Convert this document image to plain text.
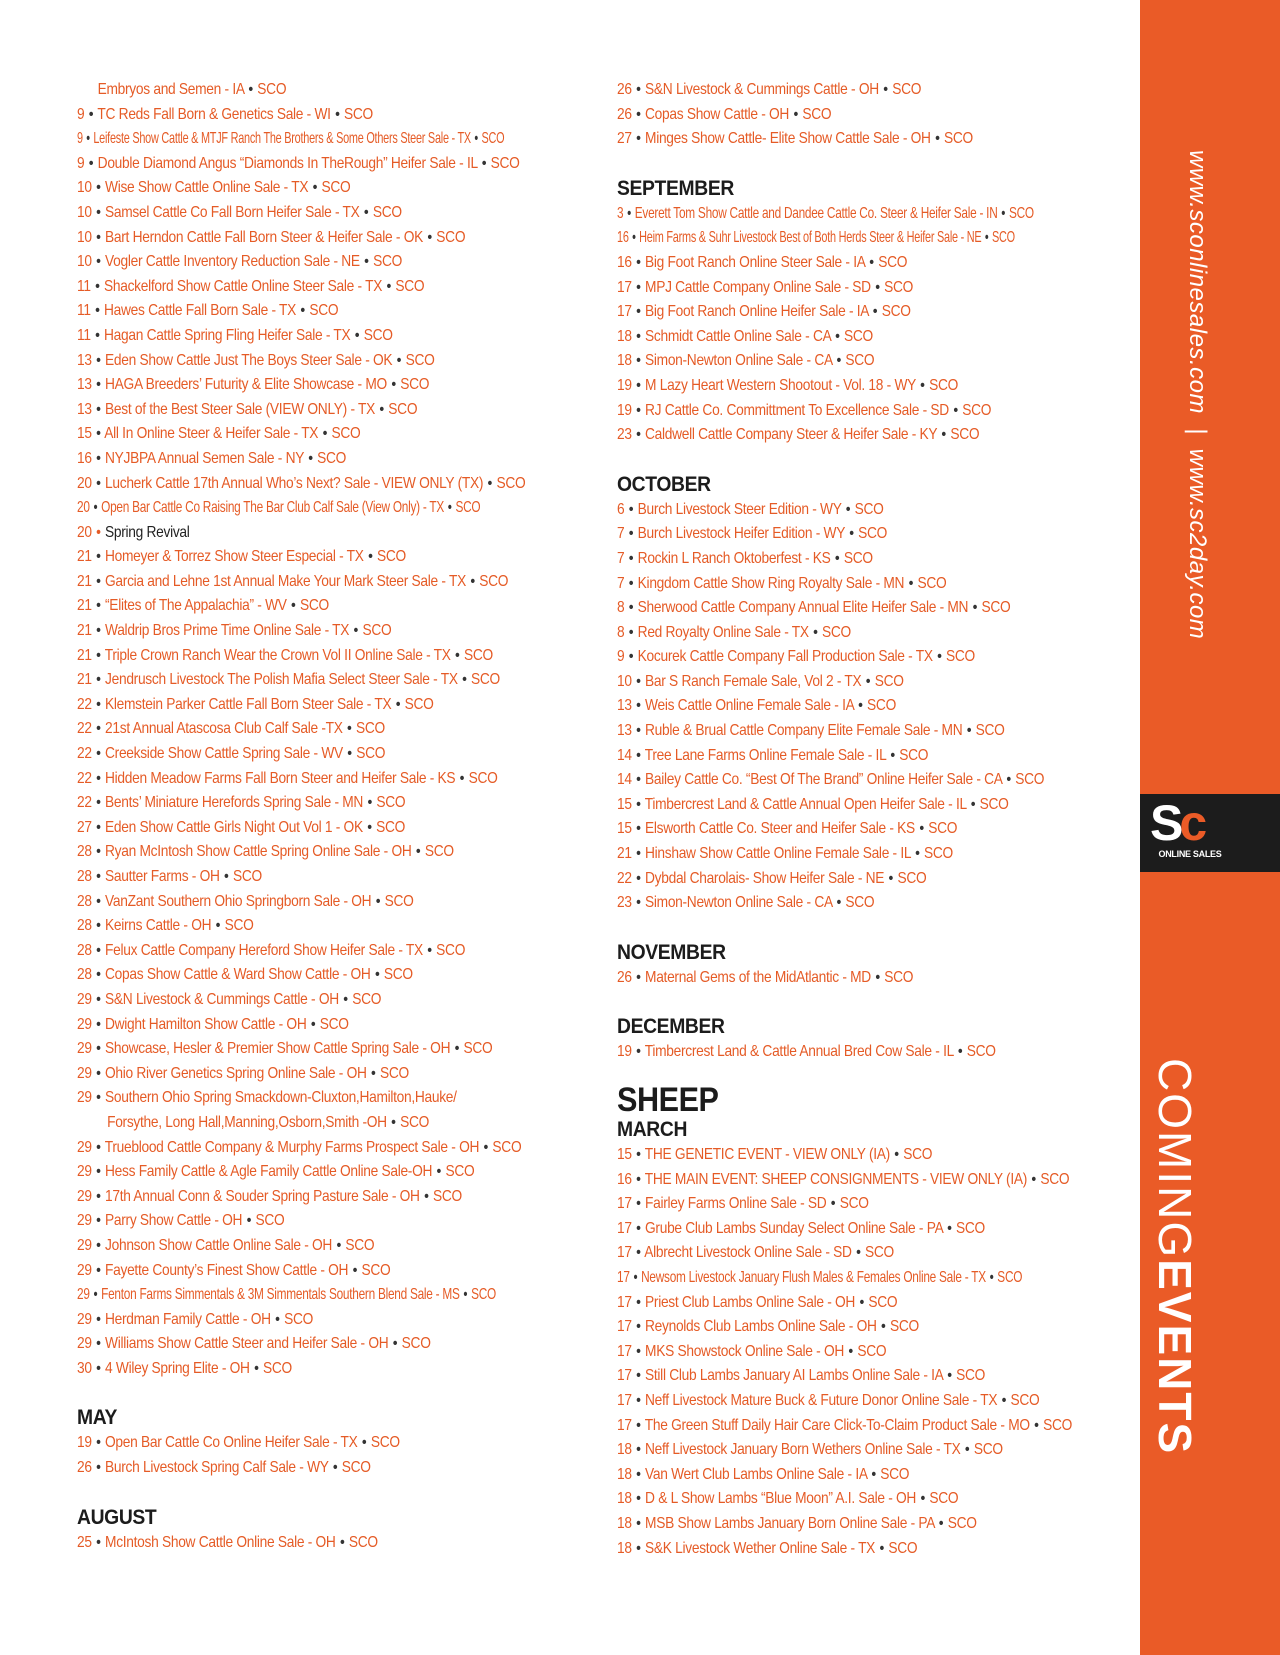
www.sconlinesales.com|www.sc2day.com
Sc
ONLINE SALES
COMINGEVENTS
Embryos and Semen - IA • SCO
9 • TC Reds Fall Born & Genetics Sale - WI • SCO
9 • Leifeste Show Cattle & MTJF Ranch The Brothers & Some Others Steer Sale - TX • SCO
9 • Double Diamond Angus “Diamonds In TheRough” Heifer Sale - IL • SCO
10 • Wise Show Cattle Online Sale - TX • SCO
10 • Samsel Cattle Co Fall Born Heifer Sale - TX • SCO
10 • Bart Herndon Cattle Fall Born Steer & Heifer Sale - OK • SCO
10 • Vogler Cattle Inventory Reduction Sale - NE • SCO
11 • Shackelford Show Cattle Online Steer Sale - TX • SCO
11 • Hawes Cattle Fall Born Sale - TX • SCO
11 • Hagan Cattle Spring Fling Heifer Sale - TX • SCO
13 • Eden Show Cattle Just The Boys Steer Sale - OK • SCO
13 • HAGA Breeders’ Futurity & Elite Showcase - MO • SCO
13 • Best of the Best Steer Sale (VIEW ONLY) - TX • SCO
15 • All In Online Steer & Heifer Sale - TX • SCO
16 • NYJBPA Annual Semen Sale - NY • SCO
20 • Lucherk Cattle 17th Annual Who’s Next? Sale - VIEW ONLY (TX) • SCO
20 • Open Bar Cattle Co Raising The Bar Club Calf Sale (View Only) - TX • SCO
20 • Spring Revival
21 • Homeyer & Torrez Show Steer Especial - TX • SCO
21 • Garcia and Lehne 1st Annual Make Your Mark Steer Sale - TX • SCO
21 • “Elites of The Appalachia” - WV • SCO
21 • Waldrip Bros Prime Time Online Sale - TX • SCO
21 • Triple Crown Ranch Wear the Crown Vol II Online Sale - TX • SCO
21 • Jendrusch Livestock The Polish Mafia Select Steer Sale - TX • SCO
22 • Klemstein Parker Cattle Fall Born Steer Sale - TX • SCO
22 • 21st Annual Atascosa Club Calf Sale -TX • SCO
22 • Creekside Show Cattle Spring Sale - WV • SCO
22 • Hidden Meadow Farms Fall Born Steer and Heifer Sale - KS • SCO
22 • Bents’ Miniature Herefords Spring Sale - MN • SCO
27 • Eden Show Cattle Girls Night Out Vol 1 - OK • SCO
28 • Ryan McIntosh Show Cattle Spring Online Sale - OH • SCO
28 • Sautter Farms - OH • SCO
28 • VanZant Southern Ohio Springborn Sale - OH • SCO
28 • Keirns Cattle - OH • SCO
28 • Felux Cattle Company Hereford Show Heifer Sale - TX • SCO
28 • Copas Show Cattle & Ward Show Cattle - OH • SCO
29 • S&N Livestock & Cummings Cattle - OH • SCO
29 • Dwight Hamilton Show Cattle - OH • SCO
29 • Showcase, Hesler & Premier Show Cattle Spring Sale - OH • SCO
29 • Ohio River Genetics Spring Online Sale - OH • SCO
29 • Southern Ohio Spring Smackdown-Cluxton,Hamilton,Hauke/
Forsythe, Long Hall,Manning,Osborn,Smith -OH • SCO
29 • Trueblood Cattle Company & Murphy Farms Prospect Sale - OH • SCO
29 • Hess Family Cattle & Agle Family Cattle Online Sale-OH • SCO
29 • 17th Annual Conn & Souder Spring Pasture Sale - OH • SCO
29 • Parry Show Cattle - OH • SCO
29 • Johnson Show Cattle Online Sale - OH • SCO
29 • Fayette County’s Finest Show Cattle - OH • SCO
29 • Fenton Farms Simmentals & 3M Simmentals Southern Blend Sale - MS • SCO
29 • Herdman Family Cattle - OH • SCO
29 • Williams Show Cattle Steer and Heifer Sale - OH • SCO
30 • 4 Wiley Spring Elite - OH • SCO
MAY
19 • Open Bar Cattle Co Online Heifer Sale - TX • SCO
26 • Burch Livestock Spring Calf Sale - WY • SCO
AUGUST
25 • McIntosh Show Cattle Online Sale - OH • SCO
26 • S&N Livestock & Cummings Cattle - OH • SCO
26 • Copas Show Cattle - OH • SCO
27 • Minges Show Cattle- Elite Show Cattle Sale - OH • SCO
SEPTEMBER
3 • Everett Tom Show Cattle and Dandee Cattle Co. Steer & Heifer Sale - IN • SCO
16 • Heim Farms & Suhr Livestock Best of Both Herds Steer & Heifer Sale - NE • SCO
16 • Big Foot Ranch Online Steer Sale - IA • SCO
17 • MPJ Cattle Company Online Sale - SD • SCO
17 • Big Foot Ranch Online Heifer Sale - IA • SCO
18 • Schmidt Cattle Online Sale - CA • SCO
18 • Simon-Newton Online Sale - CA • SCO
19 • M Lazy Heart Western Shootout - Vol. 18 - WY • SCO
19 • RJ Cattle Co. Committment To Excellence Sale - SD • SCO
23 • Caldwell Cattle Company Steer & Heifer Sale - KY • SCO
OCTOBER
6 • Burch Livestock Steer Edition - WY • SCO
7 • Burch Livestock Heifer Edition - WY • SCO
7 • Rockin L Ranch Oktoberfest - KS • SCO
7 • Kingdom Cattle Show Ring Royalty Sale - MN • SCO
8 • Sherwood Cattle Company Annual Elite Heifer Sale - MN • SCO
8 • Red Royalty Online Sale - TX • SCO
9 • Kocurek Cattle Company Fall Production Sale - TX • SCO
10 • Bar S Ranch Female Sale, Vol 2 - TX • SCO
13 • Weis Cattle Online Female Sale - IA • SCO
13 • Ruble & Brual Cattle Company Elite Female Sale - MN • SCO
14 • Tree Lane Farms Online Female Sale - IL • SCO
14 • Bailey Cattle Co. “Best Of The Brand” Online Heifer Sale - CA • SCO
15 • Timbercrest Land & Cattle Annual Open Heifer Sale - IL • SCO
15 • Elsworth Cattle Co. Steer and Heifer Sale - KS • SCO
21 • Hinshaw Show Cattle Online Female Sale - IL • SCO
22 • Dybdal Charolais- Show Heifer Sale - NE • SCO
23 • Simon-Newton Online Sale - CA • SCO
NOVEMBER
26 • Maternal Gems of the MidAtlantic - MD • SCO
DECEMBER
19 • Timbercrest Land & Cattle Annual Bred Cow Sale - IL • SCO
SHEEP
MARCH
15 • THE GENETIC EVENT - VIEW ONLY (IA) • SCO
16 • THE MAIN EVENT: SHEEP CONSIGNMENTS - VIEW ONLY (IA) • SCO
17 • Fairley Farms Online Sale - SD • SCO
17 • Grube Club Lambs Sunday Select Online Sale - PA • SCO
17 • Albrecht Livestock Online Sale - SD • SCO
17 • Newsom Livestock January Flush Males & Females Online Sale - TX • SCO
17 • Priest Club Lambs Online Sale - OH • SCO
17 • Reynolds Club Lambs Online Sale - OH • SCO
17 • MKS Showstock Online Sale - OH • SCO
17 • Still Club Lambs January AI Lambs Online Sale - IA • SCO
17 • Neff Livestock Mature Buck & Future Donor Online Sale - TX • SCO
17 • The Green Stuff Daily Hair Care Click-To-Claim Product Sale - MO • SCO
18 • Neff Livestock January Born Wethers Online Sale - TX • SCO
18 • Van Wert Club Lambs Online Sale - IA • SCO
18 • D & L Show Lambs “Blue Moon” A.I. Sale - OH • SCO
18 • MSB Show Lambs January Born Online Sale - PA • SCO
18 • S&K Livestock Wether Online Sale - TX • SCO
